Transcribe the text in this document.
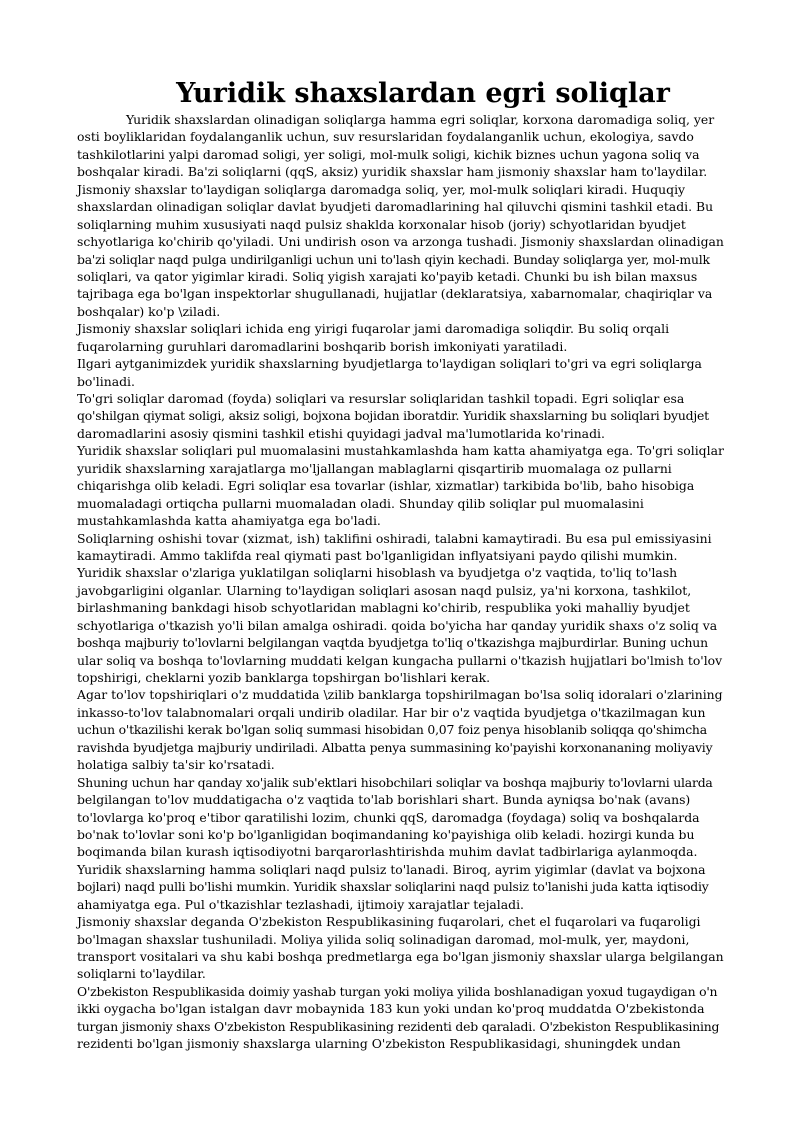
Yuridik shaxslardan egri soliqlar
Yuridik shaxslardan olinadigan soliqlarga hamma egri soliqlar, korxona daromadiga soliq, yer
osti boyliklaridan foydalanganlik uchun, suv resurslaridan foydalanganlik uchun, ekologiya, savdo
tashkilotlarini yalpi daromad soligi, yer soligi, mol-mulk soligi, kichik biznes uchun yagona soliq va
boshqalar kiradi. Ba'zi soliqlarni (qqS, aksiz) yuridik shaxslar ham jismoniy shaxslar ham to'laydilar.
Jismoniy shaxslar to'laydigan soliqlarga daromadga soliq, yer, mol-mulk soliqlari kiradi. Huquqiy
shaxslardan olinadigan soliqlar davlat byudjeti daromadlarining hal qiluvchi qismini tashkil etadi. Bu
soliqlarning muhim xususiyati naqd pulsiz shaklda korxonalar hisob (joriy) schyotlaridan byudjet
schyotlariga ko'chirib qo'yiladi. Uni undirish oson va arzonga tushadi. Jismoniy shaxslardan olinadigan
ba'zi soliqlar naqd pulga undirilganligi uchun uni to'lash qiyin kechadi. Bunday soliqlarga yer, mol-mulk
soliqlari, va qator yigimlar kiradi. Soliq yigish xarajati ko'payib ketadi. Chunki bu ish bilan maxsus
tajribaga ega bo'lgan inspektorlar shugullanadi, hujjatlar (deklaratsiya, xabarnomalar, chaqiriqlar va
boshqalar) ko'p \ziladi.
Jismoniy shaxslar soliqlari ichida eng yirigi fuqarolar jami daromadiga soliqdir. Bu soliq orqali
fuqarolarning guruhlari daromadlarini boshqarib borish imkoniyati yaratiladi.
Ilgari aytganimizdek yuridik shaxslarning byudjetlarga to'laydigan soliqlari to'gri va egri soliqlarga
bo'linadi.
To'gri soliqlar daromad (foyda) soliqlari va resurslar soliqlaridan tashkil topadi. Egri soliqlar esa
qo'shilgan qiymat soligi, aksiz soligi, bojxona bojidan iboratdir. Yuridik shaxslarning bu soliqlari byudjet
daromadlarini asosiy qismini tashkil etishi quyidagi jadval ma'lumotlarida ko'rinadi.
Yuridik shaxslar soliqlari pul muomalasini mustahkamlashda ham katta ahamiyatga ega. To'gri soliqlar
yuridik shaxslarning xarajatlarga mo'ljallangan mablaglarni qisqartirib muomalaga oz pullarni
chiqarishga olib keladi. Egri soliqlar esa tovarlar (ishlar, xizmatlar) tarkibida bo'lib, baho hisobiga
muomaladagi ortiqcha pullarni muomaladan oladi. Shunday qilib soliqlar pul muomalasini
mustahkamlashda katta ahamiyatga ega bo'ladi.
Soliqlarning oshishi tovar (xizmat, ish) taklifini oshiradi, talabni kamaytiradi. Bu esa pul emissiyasini
kamaytiradi. Ammo taklifda real qiymati past bo'lganligidan inflyatsiyani paydo qilishi mumkin.
Yuridik shaxslar o'zlariga yuklatilgan soliqlarni hisoblash va byudjetga o'z vaqtida, to'liq to'lash
javobgarligini olganlar. Ularning to'laydigan soliqlari asosan naqd pulsiz, ya'ni korxona, tashkilot,
birlashmaning bankdagi hisob schyotlaridan mablagni ko'chirib, respublika yoki mahalliy byudjet
schyotlariga o'tkazish yo'li bilan amalga oshiradi. qoida bo'yicha har qanday yuridik shaxs o'z soliq va
boshqa majburiy to'lovlarni belgilangan vaqtda byudjetga to'liq o'tkazishga majburdirlar. Buning uchun
ular soliq va boshqa to'lovlarning muddati kelgan kungacha pullarni o'tkazish hujjatlari bo'lmish to'lov
topshirigi, cheklarni yozib banklarga topshirgan bo'lishlari kerak.
Agar to'lov topshiriqlari o'z muddatida \zilib banklarga topshirilmagan bo'lsa soliq idoralari o'zlarining
inkasso-to'lov talabnomalari orqali undirib oladilar. Har bir o'z vaqtida byudjetga o'tkazilmagan kun
uchun o'tkazilishi kerak bo'lgan soliq summasi hisobidan 0,07 foiz penya hisoblanib soliqqa qo'shimcha
ravishda byudjetga majburiy undiriladi. Albatta penya summasining ko'payishi korxonananing moliyaviy
holatiga salbiy ta'sir ko'rsatadi.
Shuning uchun har qanday xo'jalik sub'ektlari hisobchilari soliqlar va boshqa majburiy to'lovlarni ularda
belgilangan to'lov muddatigacha o'z vaqtida to'lab borishlari shart. Bunda ayniqsa bo'nak (avans)
to'lovlarga ko'proq e'tibor qaratilishi lozim, chunki qqS, daromadga (foydaga) soliq va boshqalarda
bo'nak to'lovlar soni ko'p bo'lganligidan boqimandaning ko'payishiga olib keladi. hozirgi kunda bu
boqimanda bilan kurash iqtisodiyotni barqarorlashtirishda muhim davlat tadbirlariga aylanmoqda.
Yuridik shaxslarning hamma soliqlari naqd pulsiz to'lanadi. Biroq, ayrim yigimlar (davlat va bojxona
bojlari) naqd pulli bo'lishi mumkin. Yuridik shaxslar soliqlarini naqd pulsiz to'lanishi juda katta iqtisodiy
ahamiyatga ega. Pul o'tkazishlar tezlashadi, ijtimoiy xarajatlar tejaladi.
Jismoniy shaxslar deganda O'zbekiston Respublikasining fuqarolari, chet el fuqarolari va fuqaroligi
bo'lmagan shaxslar tushuniladi. Moliya yilida soliq solinadigan daromad, mol-mulk, yer, maydoni,
transport vositalari va shu kabi boshqa predmetlarga ega bo'lgan jismoniy shaxslar ularga belgilangan
soliqlarni to'laydilar.
O'zbekiston Respublikasida doimiy yashab turgan yoki moliya yilida boshlanadigan yoxud tugaydigan o'n
ikki oygacha bo'lgan istalgan davr mobaynida 183 kun yoki undan ko'proq muddatda O'zbekistonda
turgan jismoniy shaxs O'zbekiston Respublikasining rezidenti deb qaraladi. O'zbekiston Respublikasining
rezidenti bo'lgan jismoniy shaxslarga ularning O'zbekiston Respublikasidagi, shuningdek undan
